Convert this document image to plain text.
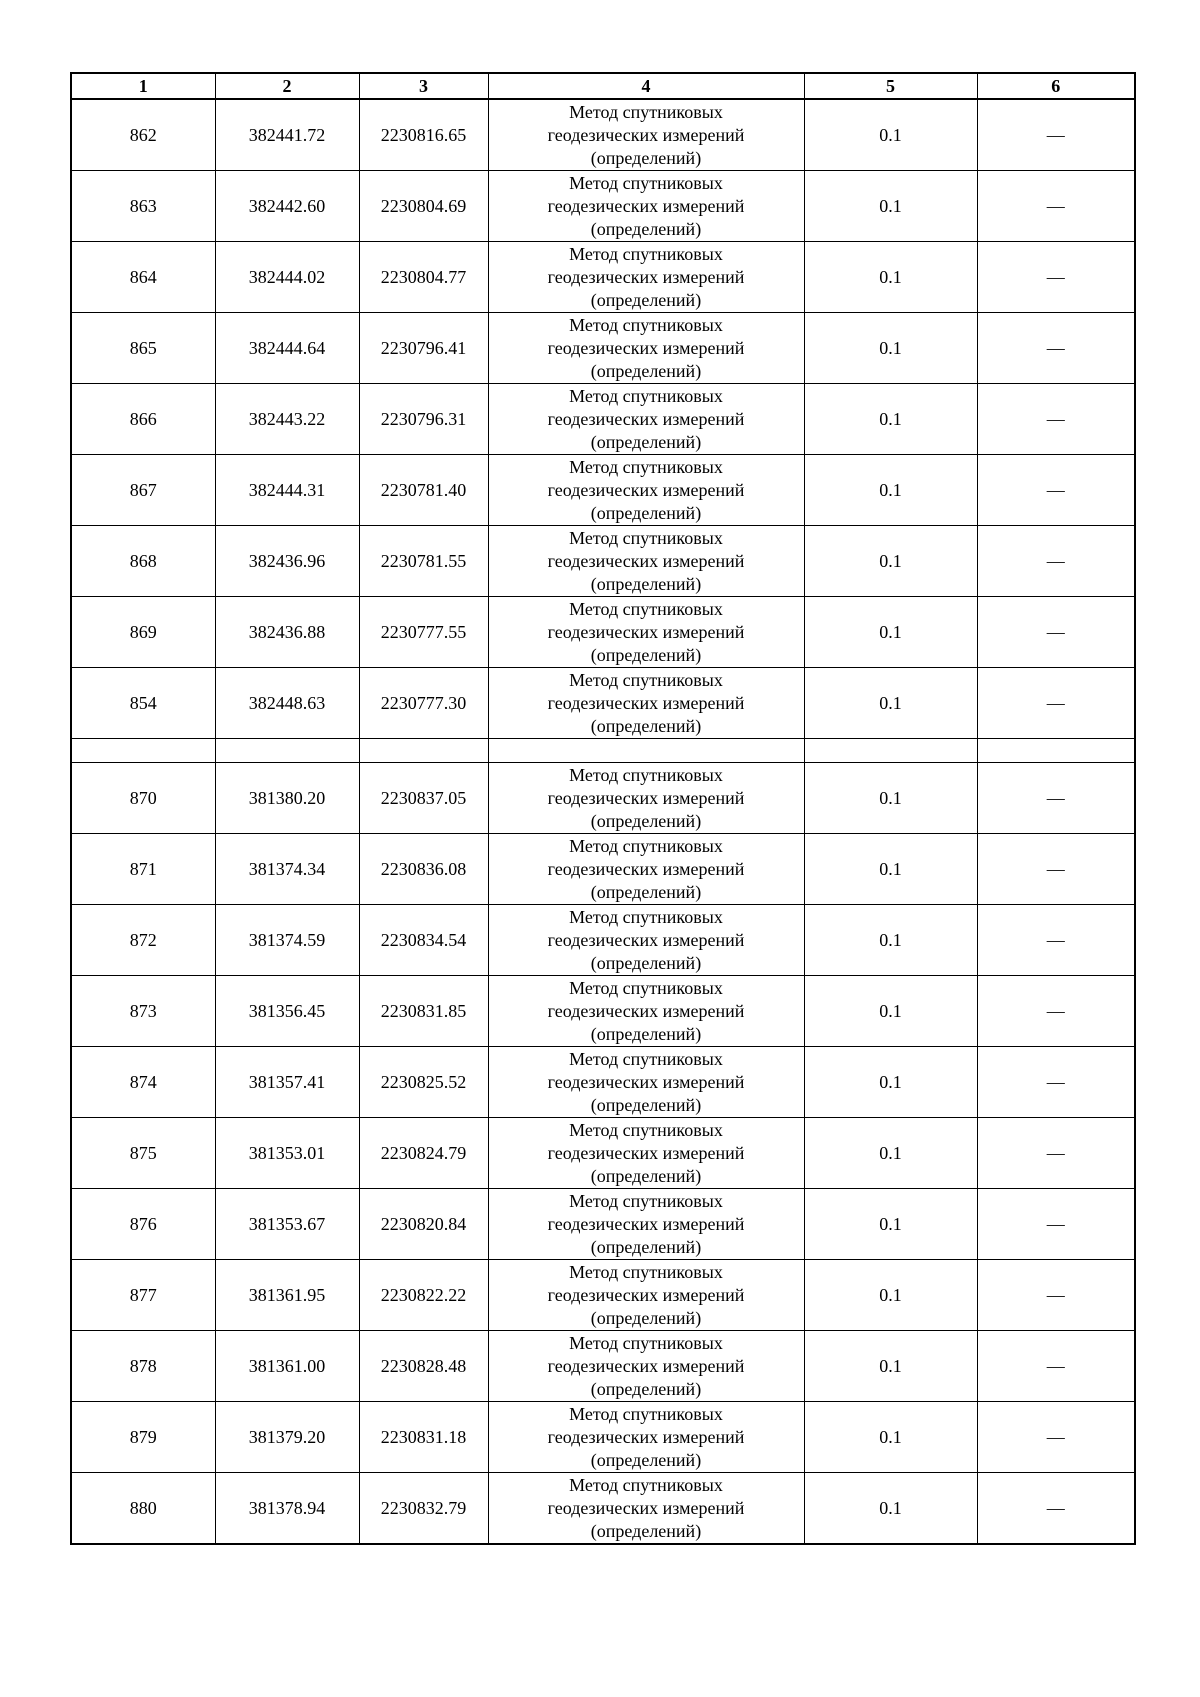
1	2	3	4	5	6
862	382441.72	2230816.65	Метод спутниковых
геодезических измерений
(определений)	0.1	—
863	382442.60	2230804.69	Метод спутниковых
геодезических измерений
(определений)	0.1	—
864	382444.02	2230804.77	Метод спутниковых
геодезических измерений
(определений)	0.1	—
865	382444.64	2230796.41	Метод спутниковых
геодезических измерений
(определений)	0.1	—
866	382443.22	2230796.31	Метод спутниковых
геодезических измерений
(определений)	0.1	—
867	382444.31	2230781.40	Метод спутниковых
геодезических измерений
(определений)	0.1	—
868	382436.96	2230781.55	Метод спутниковых
геодезических измерений
(определений)	0.1	—
869	382436.88	2230777.55	Метод спутниковых
геодезических измерений
(определений)	0.1	—
854	382448.63	2230777.30	Метод спутниковых
геодезических измерений
(определений)	0.1	—

870	381380.20	2230837.05	Метод спутниковых
геодезических измерений
(определений)	0.1	—
871	381374.34	2230836.08	Метод спутниковых
геодезических измерений
(определений)	0.1	—
872	381374.59	2230834.54	Метод спутниковых
геодезических измерений
(определений)	0.1	—
873	381356.45	2230831.85	Метод спутниковых
геодезических измерений
(определений)	0.1	—
874	381357.41	2230825.52	Метод спутниковых
геодезических измерений
(определений)	0.1	—
875	381353.01	2230824.79	Метод спутниковых
геодезических измерений
(определений)	0.1	—
876	381353.67	2230820.84	Метод спутниковых
геодезических измерений
(определений)	0.1	—
877	381361.95	2230822.22	Метод спутниковых
геодезических измерений
(определений)	0.1	—
878	381361.00	2230828.48	Метод спутниковых
геодезических измерений
(определений)	0.1	—
879	381379.20	2230831.18	Метод спутниковых
геодезических измерений
(определений)	0.1	—
880	381378.94	2230832.79	Метод спутниковых
геодезических измерений
(определений)	0.1	—
